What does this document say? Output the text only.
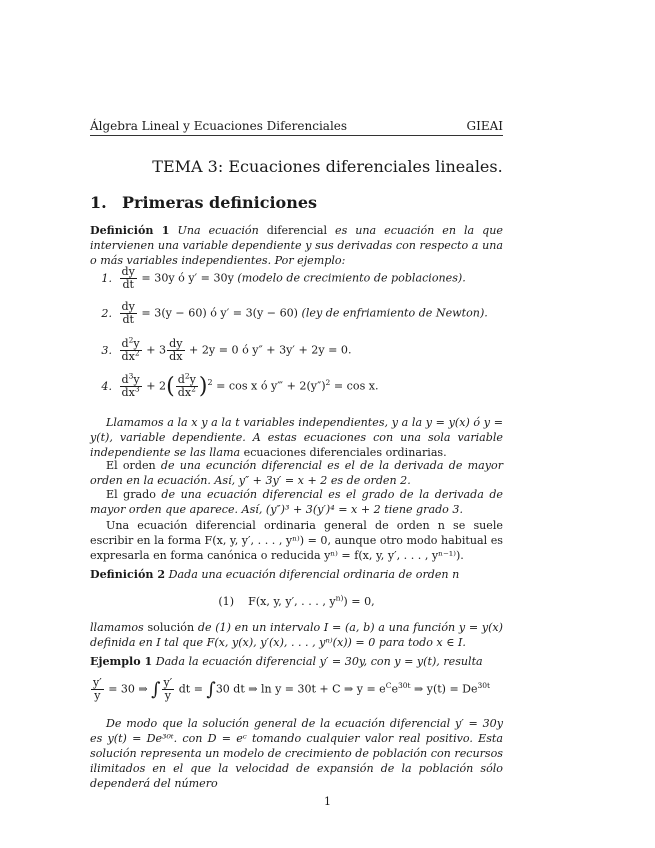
Álgebra Lineal y Ecuaciones Diferenciales	GIEAI
TEMA 3: Ecuaciones diferenciales lineales.
1. Primeras definiciones
Definición 1 Una ecuación diferencial es una ecuación en la que intervienen una variable dependiente y sus derivadas con respecto a una o más variables independientes. Por ejemplo:
1. $\frac{dy}{dt} = 30y$ ó y′ = 30y (modelo de crecimiento de poblaciones).
2. $\frac{dy}{dt} = 3(y - 60)$ ó y′ = 3(y − 60) (ley de enfriamiento de Newton).
3. $\frac{d^2y}{dx^2} + 3 \frac{dy}{dx} + 2y = 0$ ó y″ + 3y′ + 2y = 0.
4. $\frac{d^3y}{dx^3} + 2( \frac{d^2y}{dx^2} )^2 = \cos x$ ó y‴ + $2(y'')^2 = \cos x$.
Llamamos a la x y a la t variables independientes, y a la y = y(x) ó y = y(t), variable dependiente. A estas ecuaciones con una sola variable independiente se las llama ecuaciones diferenciales ordinarias.
El orden de una ecunción diferencial es el de la derivada de mayor orden en la ecuación. Así, y″ + 3y′ = x + 2 es de orden 2.
El grado de una ecuación diferencial es el grado de la derivada de mayor orden que aparece. Así, (y″)³ + 3(y′)⁴ = x + 2 tiene grado 3.
Una ecuación diferencial ordinaria general de orden n se suele escribir en la forma F(x, y, y′, . . . , yⁿ⁾) = 0, aunque otro modo habitual es expresarla en forma canónica o reducida yⁿ⁾ = f(x, y, y′, . . . , yⁿ⁻¹⁾).
Definición 2 Dada una ecuación diferencial ordinaria de orden n
(1)    F(x, y, y′, . . . , $y^{n)}) = 0$,
llamamos solución de (1) en un intervalo I = (a, b) a una función y = y(x) definida en I tal que F(x, y(x), y′(x), . . . , yⁿ⁾(x)) = 0 para todo x ∈ I.
Ejemplo 1 Dada la ecuación diferencial y′ = 30y, con y = y(t), resulta
$\frac{y'}{y} = 30$ ⇒ ∫ $\frac{y'}{y}$ dt = ∫30 dt ⇒ ln y = 30t + C ⇒ $y = e^Ce^{30t}$ ⇒ $y(t) = De^{30t}$
De modo que la solución general de la ecuación diferencial y′ = 30y es y(t) = De³⁰ᵗ. con D = eᶜ tomando cualquier valor real positivo. Esta solución representa un modelo de crecimiento de población con recursos ilimitados en el que la velocidad de expansión de la población sólo dependerá del número
1
